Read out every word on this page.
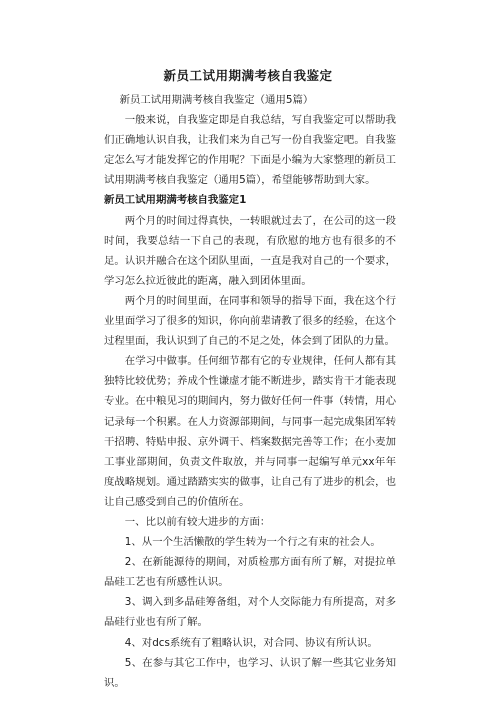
新员工试用期满考核自我鉴定

新员工试用期满考核自我鉴定（通用5篇）

一般来说，自我鉴定即是自我总结，写自我鉴定可以帮助我们正确地认识自我，让我们来为自己写一份自我鉴定吧。自我鉴定怎么写才能发挥它的作用呢？下面是小编为大家整理的新员工试用期满考核自我鉴定（通用5篇），希望能够帮助到大家。

新员工试用期满考核自我鉴定1

两个月的时间过得真快，一转眼就过去了，在公司的这一段时间，我要总结一下自己的表现，有欣慰的地方也有很多的不足。认识并融合在这个团队里面，一直是我对自己的一个要求，学习怎么拉近彼此的距离，融入到团体里面。

两个月的时间里面，在同事和领导的指导下面，我在这个行业里面学习了很多的知识，你向前辈请教了很多的经验，在这个过程里面，我认识到了自己的不足之处，体会到了团队的力量。

在学习中做事。任何细节都有它的专业规律，任何人都有其独特比较优势；养成个性谦虚才能不断进步，踏实肯干才能表现专业。在中粮见习的期间内，努力做好任何一件事（转情，用心记录每一个积累。在人力资源部期间，与同事一起完成集团军转干招聘、特贴申报、京外调干、档案数据完善等工作；在小麦加工事业部期间，负责文件取放，并与同事一起编写单元xx年年度战略规划。通过踏踏实实的做事，让自己有了进步的机会，也让自己感受到自己的价值所在。

一、比以前有较大进步的方面：

1、从一个生活懒散的学生转为一个行之有束的社会人。

2、在新能源待的期间，对质检那方面有所了解，对提拉单晶硅工艺也有所感性认识。

3、调入到多晶硅筹备组，对个人交际能力有所提高，对多晶硅行业也有所了解。

4、对dcs系统有了粗略认识，对合同、协议有所认识。

5、在参与其它工作中，也学习、认识了解一些其它业务知识。
